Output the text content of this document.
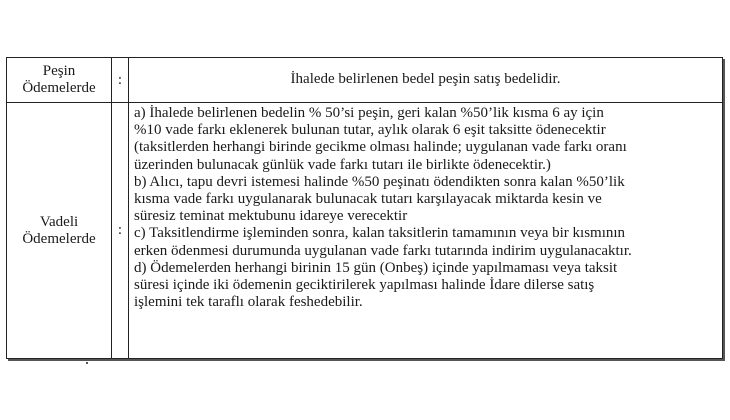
Peşin
Ödemelerde
:	İhalede belirlenen bedel peşin satış bedelidir.
Vadeli
Ödemelerde
:
a) İhalede belirlenen bedelin % 50’si peşin, geri kalan %50’lik kısma 6 ay için
%10 vade farkı eklenerek bulunan tutar, aylık olarak 6 eşit taksitte ödenecektir
(taksitlerden herhangi birinde gecikme olması halinde; uygulanan vade farkı oranı
üzerinden bulunacak günlük vade farkı tutarı ile birlikte ödenecektir.)
b) Alıcı, tapu devri istemesi halinde %50 peşinatı ödendikten sonra kalan %50’lik
kısma vade farkı uygulanarak bulunacak tutarı karşılayacak miktarda kesin ve
süresiz teminat mektubunu idareye verecektir
c) Taksitlendirme işleminden sonra, kalan taksitlerin tamamının veya bir kısmının
erken ödenmesi durumunda uygulanan vade farkı tutarında indirim uygulanacaktır.
d) Ödemelerden herhangi birinin 15 gün (Onbeş) içinde yapılmaması veya taksit
süresi içinde iki ödemenin geciktirilerek yapılması halinde İdare dilerse satış
işlemini tek taraflı olarak feshedebilir.
